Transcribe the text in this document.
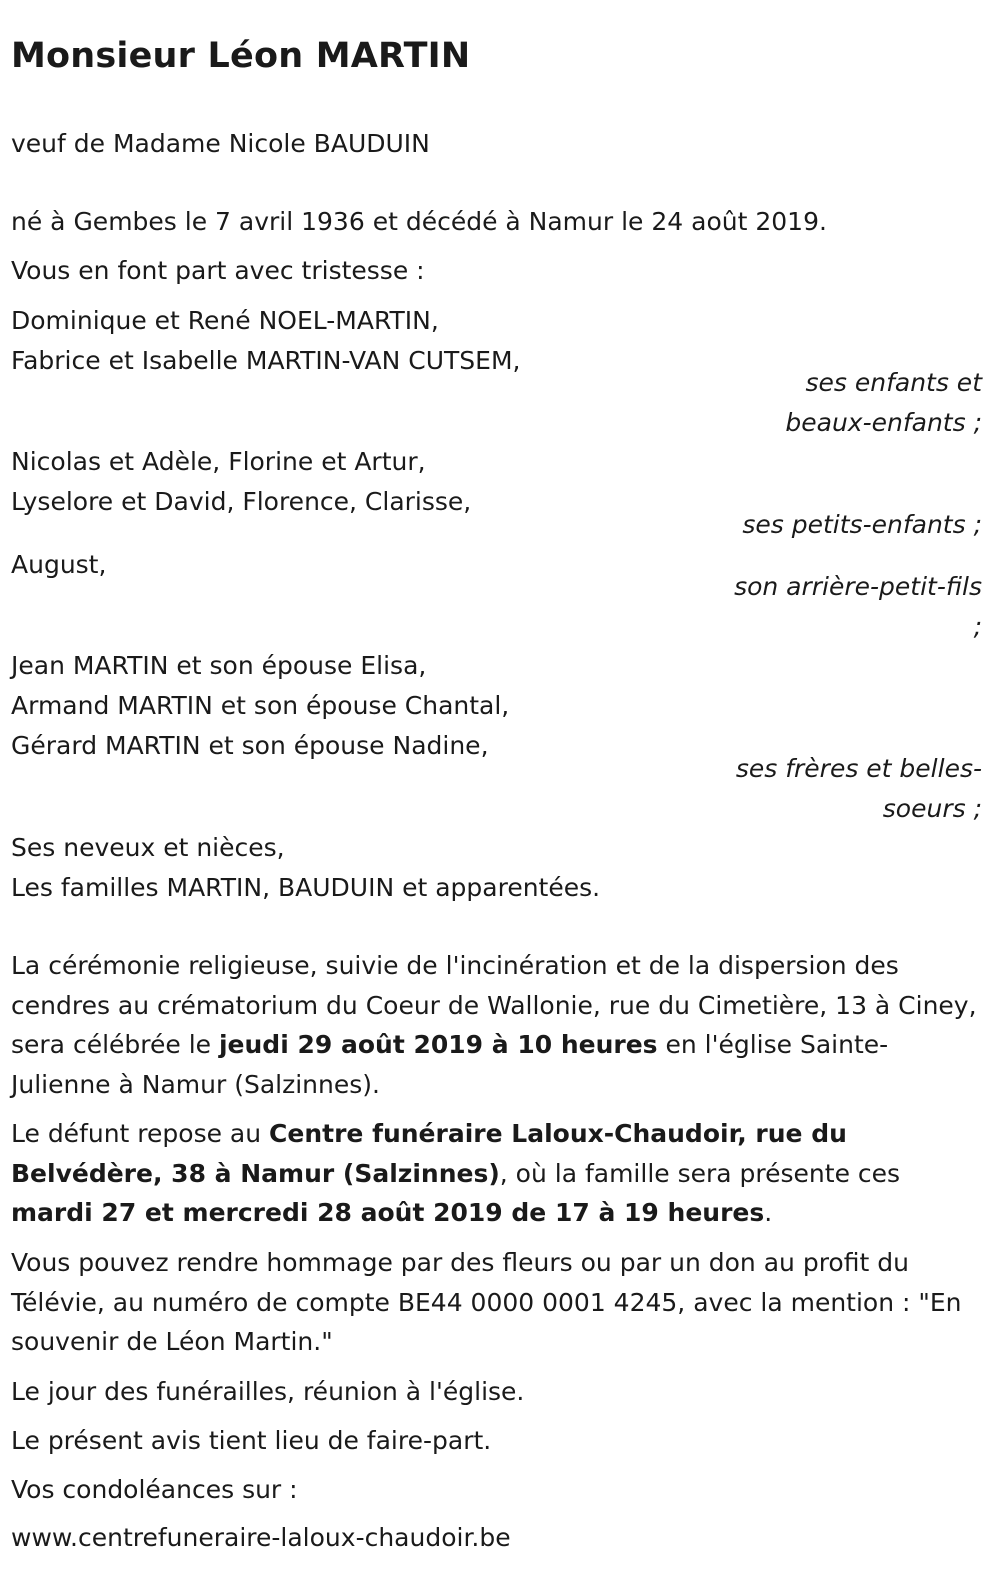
Monsieur Léon MARTIN
veuf de Madame Nicole BAUDUIN
né à Gembes le 7 avril 1936 et décédé à Namur le 24 août 2019.
Vous en font part avec tristesse :
Dominique et René NOEL-MARTIN,
Fabrice et Isabelle MARTIN-VAN CUTSEM,
ses enfants et
beaux-enfants ;
Nicolas et Adèle, Florine et Artur,
Lyselore et David, Florence, Clarisse,
ses petits-enfants ;
August,
son arrière-petit-fils
;
Jean MARTIN et son épouse Elisa,
Armand MARTIN et son épouse Chantal,
Gérard MARTIN et son épouse Nadine,
ses frères et belles-
soeurs ;
Ses neveux et nièces,
Les familles MARTIN, BAUDUIN et apparentées.
La cérémonie religieuse, suivie de l'incinération et de la dispersion des cendres au crématorium du Coeur de Wallonie, rue du Cimetière, 13 à Ciney, sera célébrée le jeudi 29 août 2019 à 10 heures en l'église Sainte-Julienne à Namur (Salzinnes).
Le défunt repose au Centre funéraire Laloux-Chaudoir, rue du Belvédère, 38 à Namur (Salzinnes), où la famille sera présente ces mardi 27 et mercredi 28 août 2019 de 17 à 19 heures.
Vous pouvez rendre hommage par des fleurs ou par un don au profit du Télévie, au numéro de compte BE44 0000 0001 4245, avec la mention : "En souvenir de Léon Martin."
Le jour des funérailles, réunion à l'église.
Le présent avis tient lieu de faire-part.
Vos condoléances sur :
www.centrefuneraire-laloux-chaudoir.be
